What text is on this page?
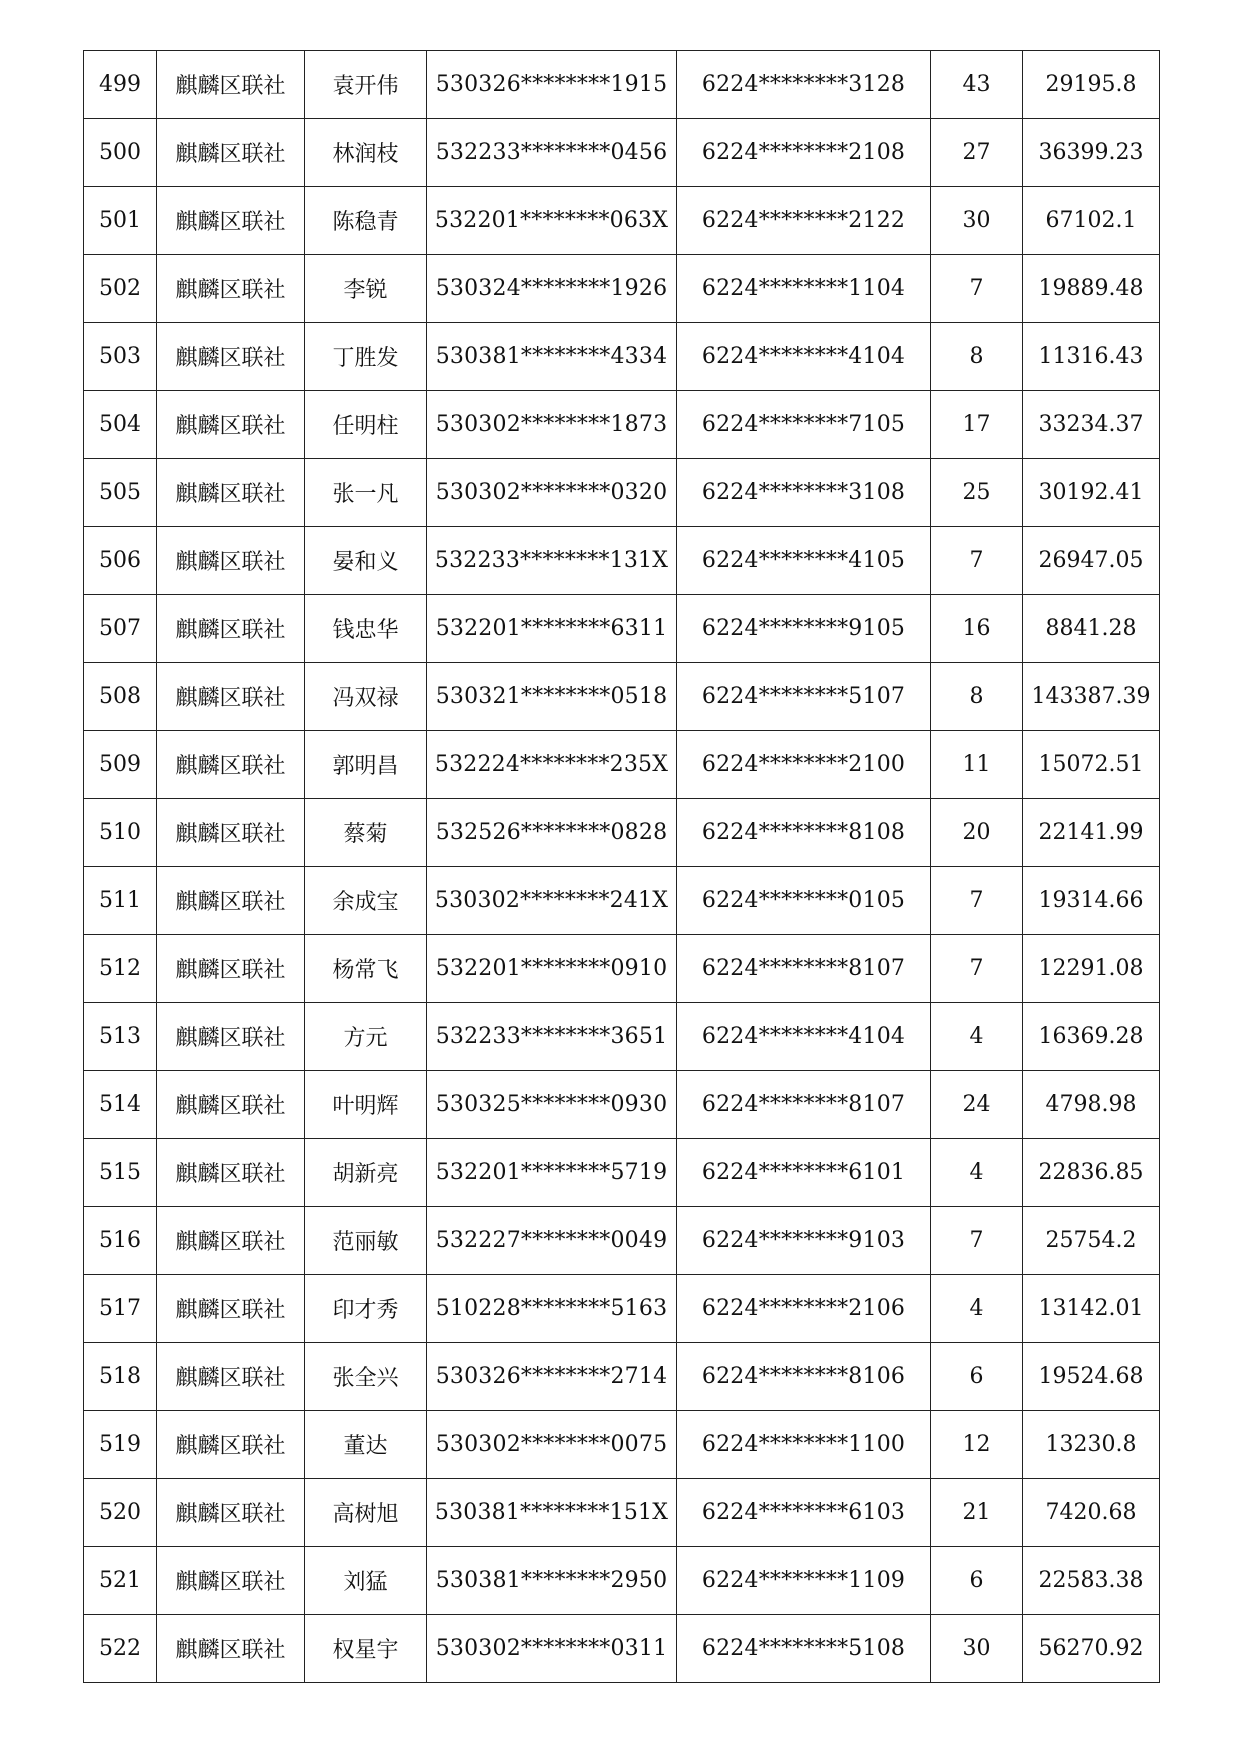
499	麒麟区联社	袁开伟	530326********1915	6224********3128	43	29195.8
500	麒麟区联社	林润枝	532233********0456	6224********2108	27	36399.23
501	麒麟区联社	陈稳青	532201********063X	6224********2122	30	67102.1
502	麒麟区联社	李锐	530324********1926	6224********1104	7	19889.48
503	麒麟区联社	丁胜发	530381********4334	6224********4104	8	11316.43
504	麒麟区联社	任明柱	530302********1873	6224********7105	17	33234.37
505	麒麟区联社	张一凡	530302********0320	6224********3108	25	30192.41
506	麒麟区联社	晏和义	532233********131X	6224********4105	7	26947.05
507	麒麟区联社	钱忠华	532201********6311	6224********9105	16	8841.28
508	麒麟区联社	冯双禄	530321********0518	6224********5107	8	143387.39
509	麒麟区联社	郭明昌	532224********235X	6224********2100	11	15072.51
510	麒麟区联社	蔡菊	532526********0828	6224********8108	20	22141.99
511	麒麟区联社	余成宝	530302********241X	6224********0105	7	19314.66
512	麒麟区联社	杨常飞	532201********0910	6224********8107	7	12291.08
513	麒麟区联社	方元	532233********3651	6224********4104	4	16369.28
514	麒麟区联社	叶明辉	530325********0930	6224********8107	24	4798.98
515	麒麟区联社	胡新亮	532201********5719	6224********6101	4	22836.85
516	麒麟区联社	范丽敏	532227********0049	6224********9103	7	25754.2
517	麒麟区联社	印才秀	510228********5163	6224********2106	4	13142.01
518	麒麟区联社	张全兴	530326********2714	6224********8106	6	19524.68
519	麒麟区联社	董达	530302********0075	6224********1100	12	13230.8
520	麒麟区联社	高树旭	530381********151X	6224********6103	21	7420.68
521	麒麟区联社	刘猛	530381********2950	6224********1109	6	22583.38
522	麒麟区联社	权星宇	530302********0311	6224********5108	30	56270.92
